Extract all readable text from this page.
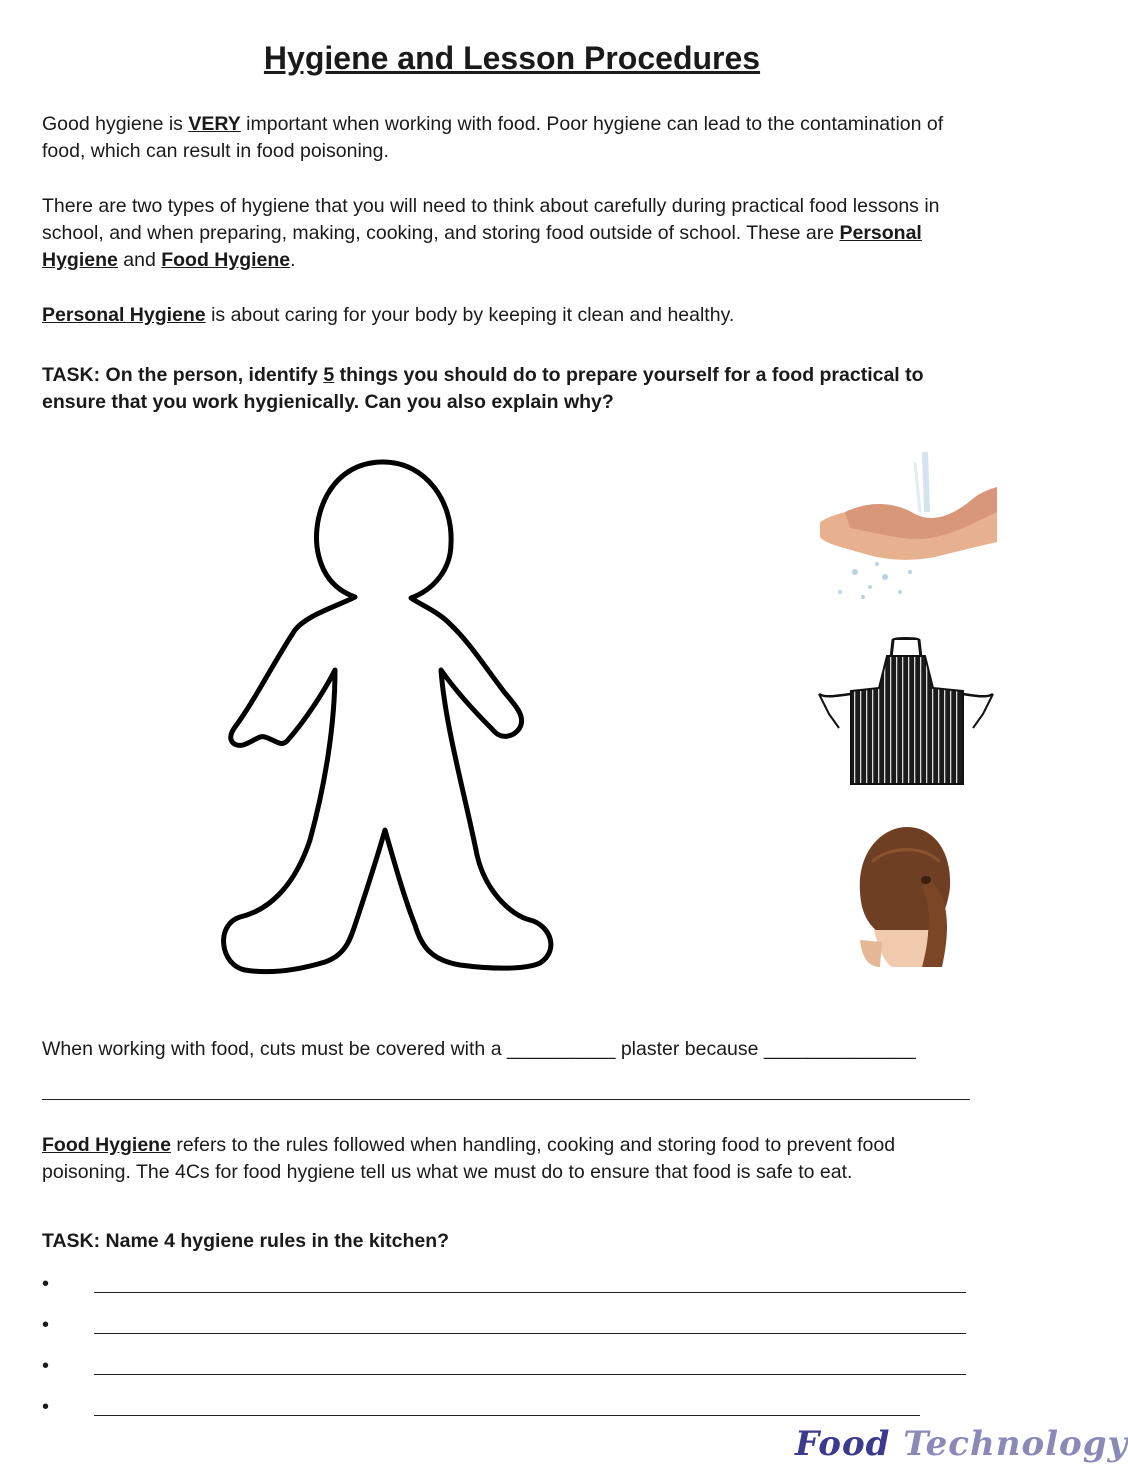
Hygiene and Lesson Procedures
Good hygiene is VERY important when working with food. Poor hygiene can lead to the contamination of food, which can result in food poisoning.
There are two types of hygiene that you will need to think about carefully during practical food lessons in school, and when preparing, making, cooking, and storing food outside of school. These are Personal Hygiene and Food Hygiene.
Personal Hygiene is about caring for your body by keeping it clean and healthy.
TASK: On the person, identify 5 things you should do to prepare yourself for a food practical to ensure that you work hygienically. Can you also explain why?
When working with food, cuts must be covered with a __________ plaster because ______________
Food Hygiene refers to the rules followed when handling, cooking and storing food to prevent food poisoning. The 4Cs for food hygiene tell us what we must do to ensure that food is safe to eat.
TASK: Name 4 hygiene rules in the kitchen?
•
•
•
•
Food Technology
